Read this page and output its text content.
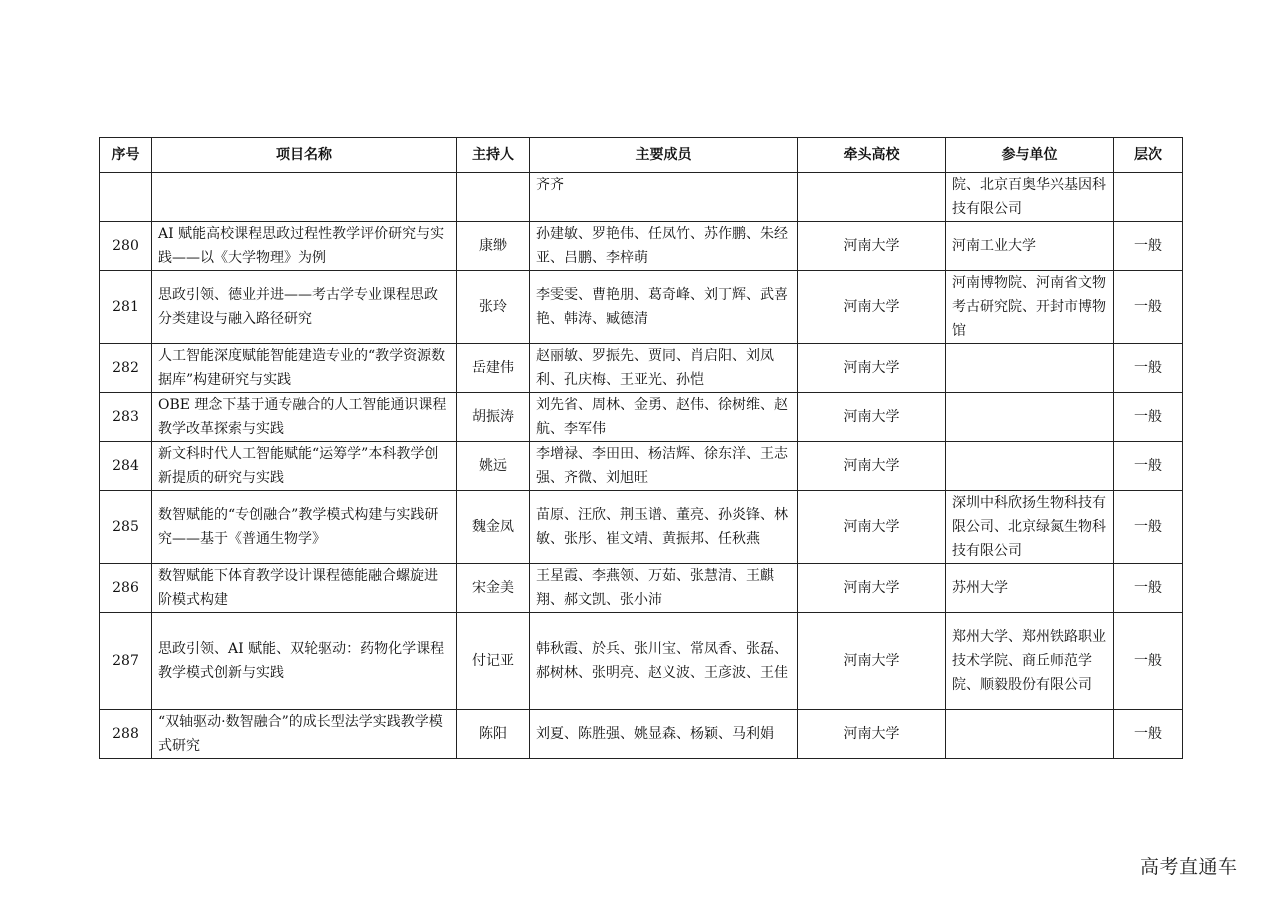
序号	项目名称	主持人	主要成员	牵头高校	参与单位	层次
			齐齐		院、北京百奥华兴基因科技有限公司	
280	AI 赋能高校课程思政过程性教学评价研究与实践——以《大学物理》为例	康缈	孙建敏、罗艳伟、任凤竹、苏作鹏、朱经亚、吕鹏、李梓萌	河南大学	河南工业大学	一般
281	思政引领、德业并进——考古学专业课程思政分类建设与融入路径研究	张玲	李雯雯、曹艳朋、葛奇峰、刘丁辉、武喜艳、韩涛、臧德清	河南大学	河南博物院、河南省文物考古研究院、开封市博物馆	一般
282	人工智能深度赋能智能建造专业的“教学资源数据库”构建研究与实践	岳建伟	赵丽敏、罗振先、贾同、肖启阳、刘凤利、孔庆梅、王亚光、孙恺	河南大学		一般
283	OBE 理念下基于通专融合的人工智能通识课程教学改革探索与实践	胡振涛	刘先省、周林、金勇、赵伟、徐树维、赵航、李军伟	河南大学		一般
284	新文科时代人工智能赋能“运筹学”本科教学创新提质的研究与实践	姚远	李增禄、李田田、杨洁辉、徐东洋、王志强、齐微、刘旭旺	河南大学		一般
285	数智赋能的“专创融合”教学模式构建与实践研究——基于《普通生物学》	魏金凤	苗原、汪欣、荆玉谱、董亮、孙炎锋、林敏、张彤、崔文靖、黄振邦、任秋燕	河南大学	深圳中科欣扬生物科技有限公司、北京绿氮生物科技有限公司	一般
286	数智赋能下体育教学设计课程德能融合螺旋进阶模式构建	宋金美	王星霞、李燕领、万茹、张慧清、王麒翔、郝文凯、张小沛	河南大学	苏州大学	一般
287	思政引领、AI 赋能、双轮驱动：药物化学课程教学模式创新与实践	付记亚	韩秋霞、於兵、张川宝、常凤香、张磊、郝树林、张明亮、赵义波、王彦波、王佳	河南大学	郑州大学、郑州铁路职业技术学院、商丘师范学院、顺毅股份有限公司	一般
288	“双轴驱动·数智融合”的成长型法学实践教学模式研究	陈阳	刘夏、陈胜强、姚显森、杨颖、马利娟	河南大学		一般
高考直通车
